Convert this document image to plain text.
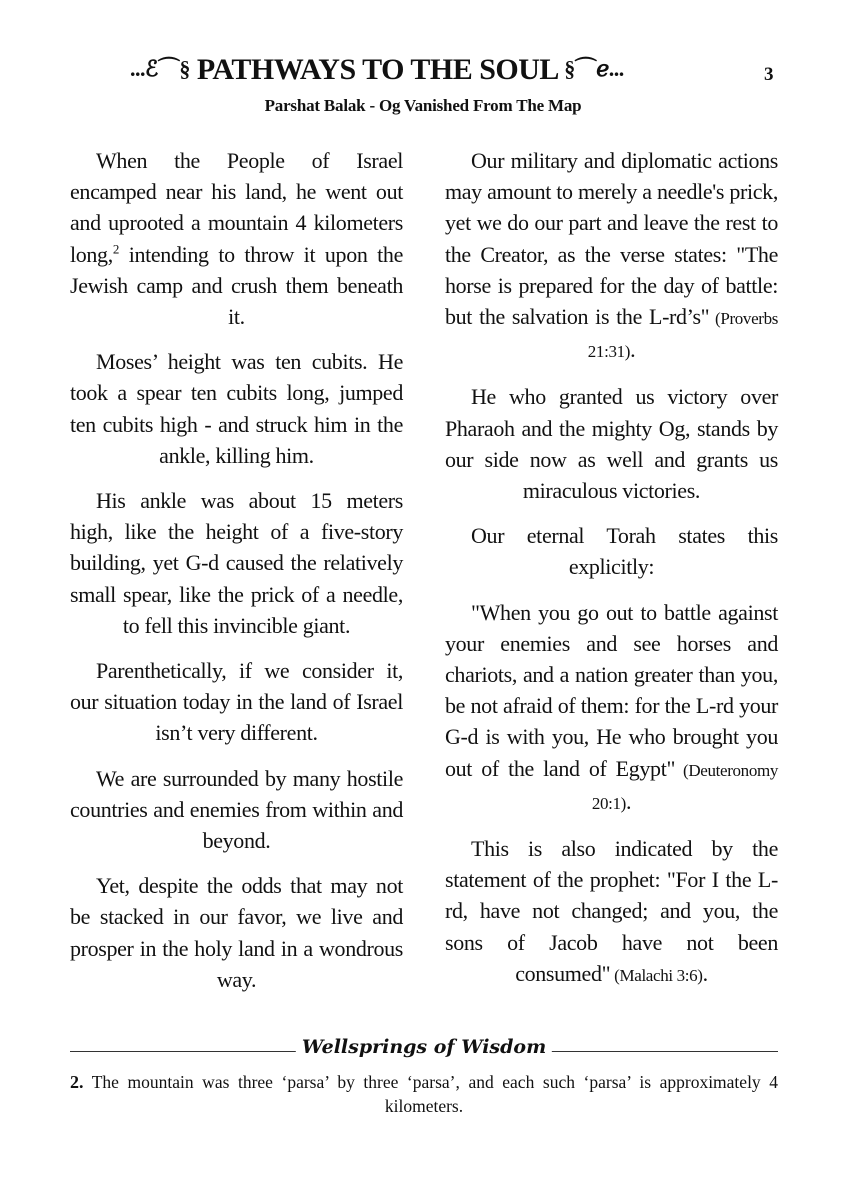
...ℰ⌒§ PATHWAYS TO THE SOUL §⌒ℯ...	3
Parshat Balak - Og Vanished From The Map

When the People of Israel encamped near his land, he went out and uprooted a mountain 4 kilometers long,$^2$ intending to throw it upon the Jewish camp and crush them beneath it.

Moses’ height was ten cubits. He took a spear ten cubits long, jumped ten cubits high - and struck him in the ankle, killing him.

His ankle was about 15 meters high, like the height of a five-story building, yet G-d caused the relatively small spear, like the prick of a needle, to fell this invincible giant.

Parenthetically, if we consider it, our situation today in the land of Israel isn’t very different.

We are surrounded by many hostile countries and enemies from within and beyond.

Yet, despite the odds that may not be stacked in our favor, we live and prosper in the holy land in a wondrous way.

Our military and diplomatic actions may amount to merely a needle's prick, yet we do our part and leave the rest to the Creator, as the verse states: "The horse is prepared for the day of battle: but the salvation is the L-rd’s" (Proverbs 21:31).

He who granted us victory over Pharaoh and the mighty Og, stands by our side now as well and grants us miraculous victories.

Our eternal Torah states this explicitly:

"When you go out to battle against your enemies and see horses and chariots, and a nation greater than you, be not afraid of them: for the L-rd your G-d is with you, He who brought you out of the land of Egypt" (Deuteronomy 20:1).

This is also indicated by the statement of the prophet: "For I the L-rd, have not changed; and you, the sons of Jacob have not been consumed" (Malachi 3:6).

Wellsprings of Wisdom
2. The mountain was three ‘parsa’ by three ‘parsa’, and each such ‘parsa’ is approximately 4 kilometers.
